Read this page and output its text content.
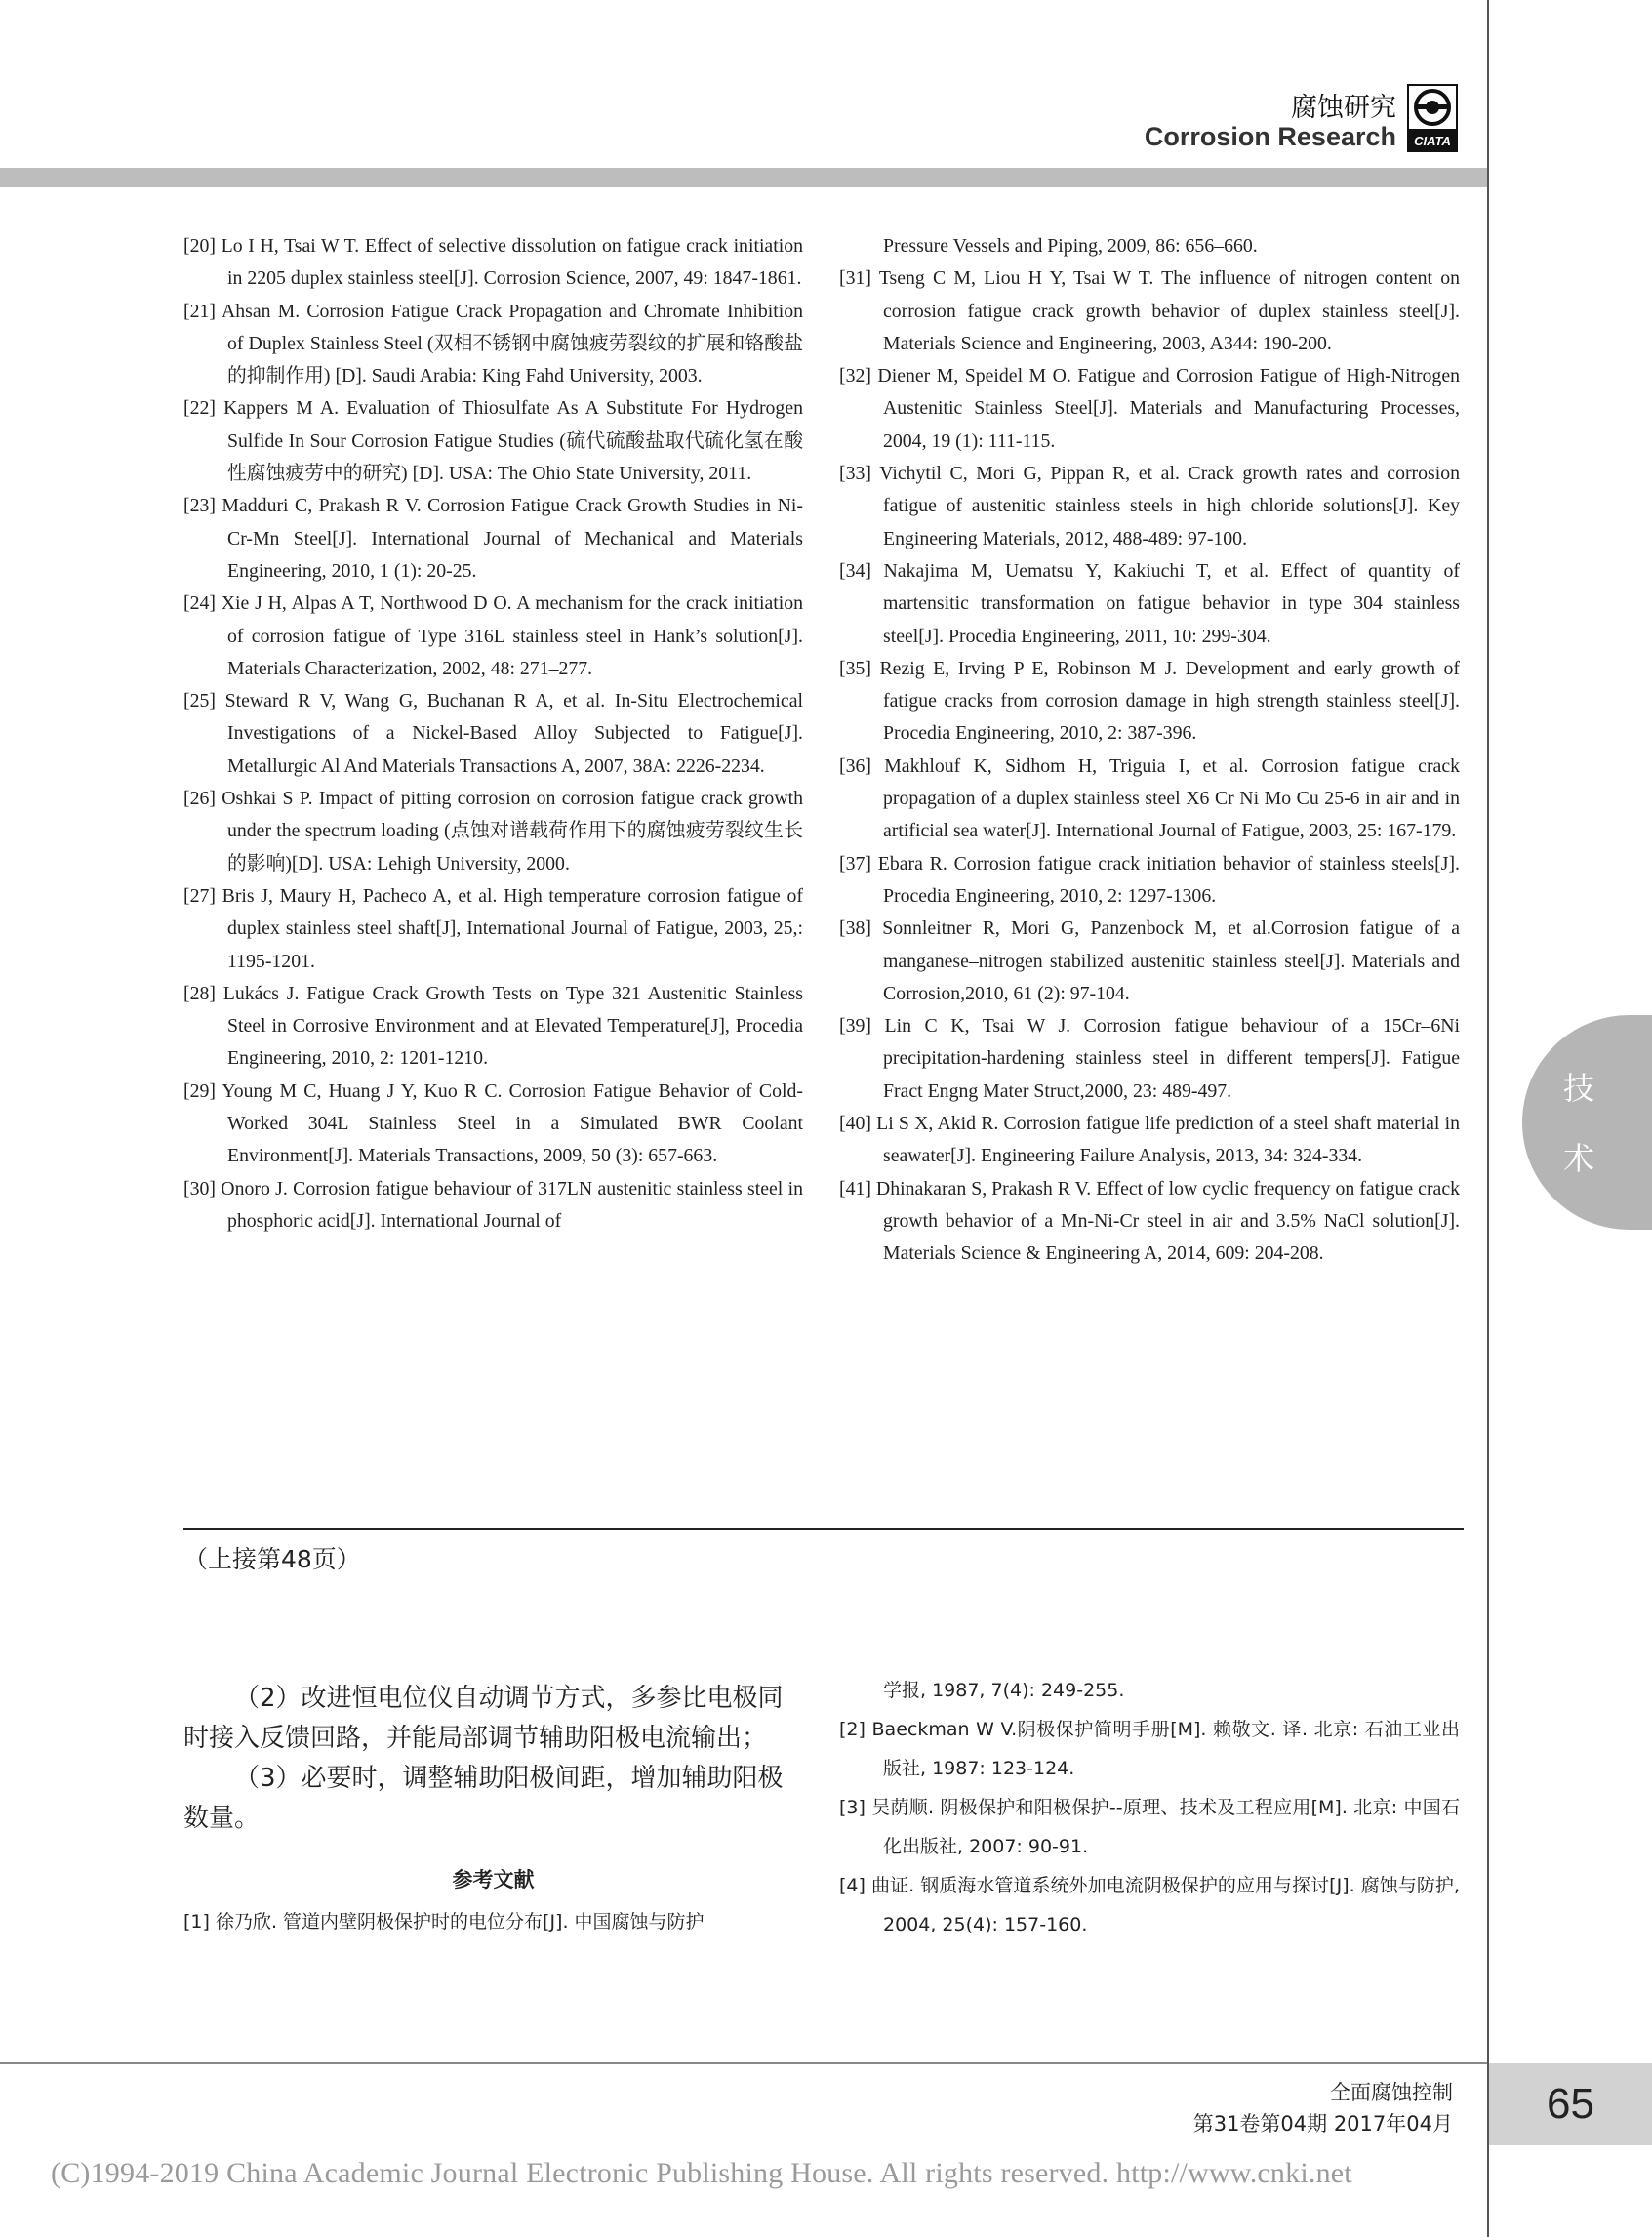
腐蚀研究
Corrosion Research CIATA
技
术
[20] Lo I H, Tsai W T. Effect of selective dissolution on fatigue crack initiation in 2205 duplex stainless steel[J]. Corrosion Science, 2007, 49: 1847-1861.
[21] Ahsan M. Corrosion Fatigue Crack Propagation and Chromate Inhibition of Duplex Stainless Steel (双相不锈钢中腐蚀疲劳裂纹的扩展和铬酸盐的抑制作用) [D]. Saudi Arabia: King Fahd University, 2003.
[22] Kappers M A. Evaluation of Thiosulfate As A Substitute For Hydrogen Sulfide In Sour Corrosion Fatigue Studies (硫代硫酸盐取代硫化氢在酸性腐蚀疲劳中的研究) [D]. USA: The Ohio State University, 2011.
[23] Madduri C, Prakash R V. Corrosion Fatigue Crack Growth Studies in Ni-Cr-Mn Steel[J]. International Journal of Mechanical and Materials Engineering, 2010, 1 (1): 20-25.
[24] Xie J H, Alpas A T, Northwood D O. A mechanism for the crack initiation of corrosion fatigue of Type 316L stainless steel in Hank’s solution[J]. Materials Characterization, 2002, 48: 271–277.
[25] Steward R V, Wang G, Buchanan R A, et al. In-Situ Electrochemical Investigations of a Nickel-Based Alloy Subjected to Fatigue[J]. Metallurgic Al And Materials Transactions A, 2007, 38A: 2226-2234.
[26] Oshkai S P. Impact of pitting corrosion on corrosion fatigue crack growth under the spectrum loading (点蚀对谱载荷作用下的腐蚀疲劳裂纹生长的影响)[D]. USA: Lehigh University, 2000.
[27] Bris J, Maury H, Pacheco A, et al. High temperature corrosion fatigue of duplex stainless steel shaft[J], International Journal of Fatigue, 2003, 25,: 1195-1201.
[28] Lukács J. Fatigue Crack Growth Tests on Type 321 Austenitic Stainless Steel in Corrosive Environment and at Elevated Temperature[J], Procedia Engineering, 2010, 2: 1201-1210.
[29] Young M C, Huang J Y, Kuo R C. Corrosion Fatigue Behavior of Cold-Worked 304L Stainless Steel in a Simulated BWR Coolant Environment[J]. Materials Transactions, 2009, 50 (3): 657-663.
[30] Onoro J. Corrosion fatigue behaviour of 317LN austenitic stainless steel in phosphoric acid[J]. International Journal of
Pressure Vessels and Piping, 2009, 86: 656–660.
[31] Tseng C M, Liou H Y, Tsai W T. The influence of nitrogen content on corrosion fatigue crack growth behavior of duplex stainless steel[J]. Materials Science and Engineering, 2003, A344: 190-200.
[32] Diener M, Speidel M O. Fatigue and Corrosion Fatigue of High-Nitrogen Austenitic Stainless Steel[J]. Materials and Manufacturing Processes, 2004, 19 (1): 111-115.
[33] Vichytil C, Mori G, Pippan R, et al. Crack growth rates and corrosion fatigue of austenitic stainless steels in high chloride solutions[J]. Key Engineering Materials, 2012, 488-489: 97-100.
[34] Nakajima M, Uematsu Y, Kakiuchi T, et al. Effect of quantity of martensitic transformation on fatigue behavior in type 304 stainless steel[J]. Procedia Engineering, 2011, 10: 299-304.
[35] Rezig E, Irving P E, Robinson M J. Development and early growth of fatigue cracks from corrosion damage in high strength stainless steel[J]. Procedia Engineering, 2010, 2: 387-396.
[36] Makhlouf K, Sidhom H, Triguia I, et al. Corrosion fatigue crack propagation of a duplex stainless steel X6 Cr Ni Mo Cu 25-6 in air and in artificial sea water[J]. International Journal of Fatigue, 2003, 25: 167-179.
[37] Ebara R. Corrosion fatigue crack initiation behavior of stainless steels[J]. Procedia Engineering, 2010, 2: 1297-1306.
[38] Sonnleitner R, Mori G, Panzenbock M, et al.Corrosion fatigue of a manganese–nitrogen stabilized austenitic stainless steel[J]. Materials and Corrosion,2010, 61 (2): 97-104.
[39] Lin C K, Tsai W J. Corrosion fatigue behaviour of a 15Cr–6Ni precipitation-hardening stainless steel in different tempers[J]. Fatigue Fract Engng Mater Struct,2000, 23: 489-497.
[40] Li S X, Akid R. Corrosion fatigue life prediction of a steel shaft material in seawater[J]. Engineering Failure Analysis, 2013, 34: 324-334.
[41] Dhinakaran S, Prakash R V. Effect of low cyclic frequency on fatigue crack growth behavior of a Mn-Ni-Cr steel in air and 3.5% NaCl solution[J]. Materials Science & Engineering A, 2014, 609: 204-208.
（上接第48页）

（2）改进恒电位仪自动调节方式，多参比电极同时接入反馈回路，并能局部调节辅助阳极电流输出；

（3）必要时，调整辅助阳极间距，增加辅助阳极数量。

参考文献
[1] 徐乃欣. 管道内壁阴极保护时的电位分布[J]. 中国腐蚀与防护
学报, 1987, 7(4): 249-255.
[2] Baeckman W V.阴极保护简明手册[M]. 赖敬文. 译. 北京: 石油工业出版社, 1987: 123-124.
[3] 吴荫顺. 阴极保护和阳极保护--原理、技术及工程应用[M]. 北京: 中国石化出版社, 2007: 90-91.
[4] 曲证. 钢质海水管道系统外加电流阴极保护的应用与探讨[J]. 腐蚀与防护, 2004, 25(4): 157-160.
全面腐蚀控制
第31卷第04期 2017年04月	65
(C)1994-2019 China Academic Journal Electronic Publishing House. All rights reserved. http://www.cnki.net
